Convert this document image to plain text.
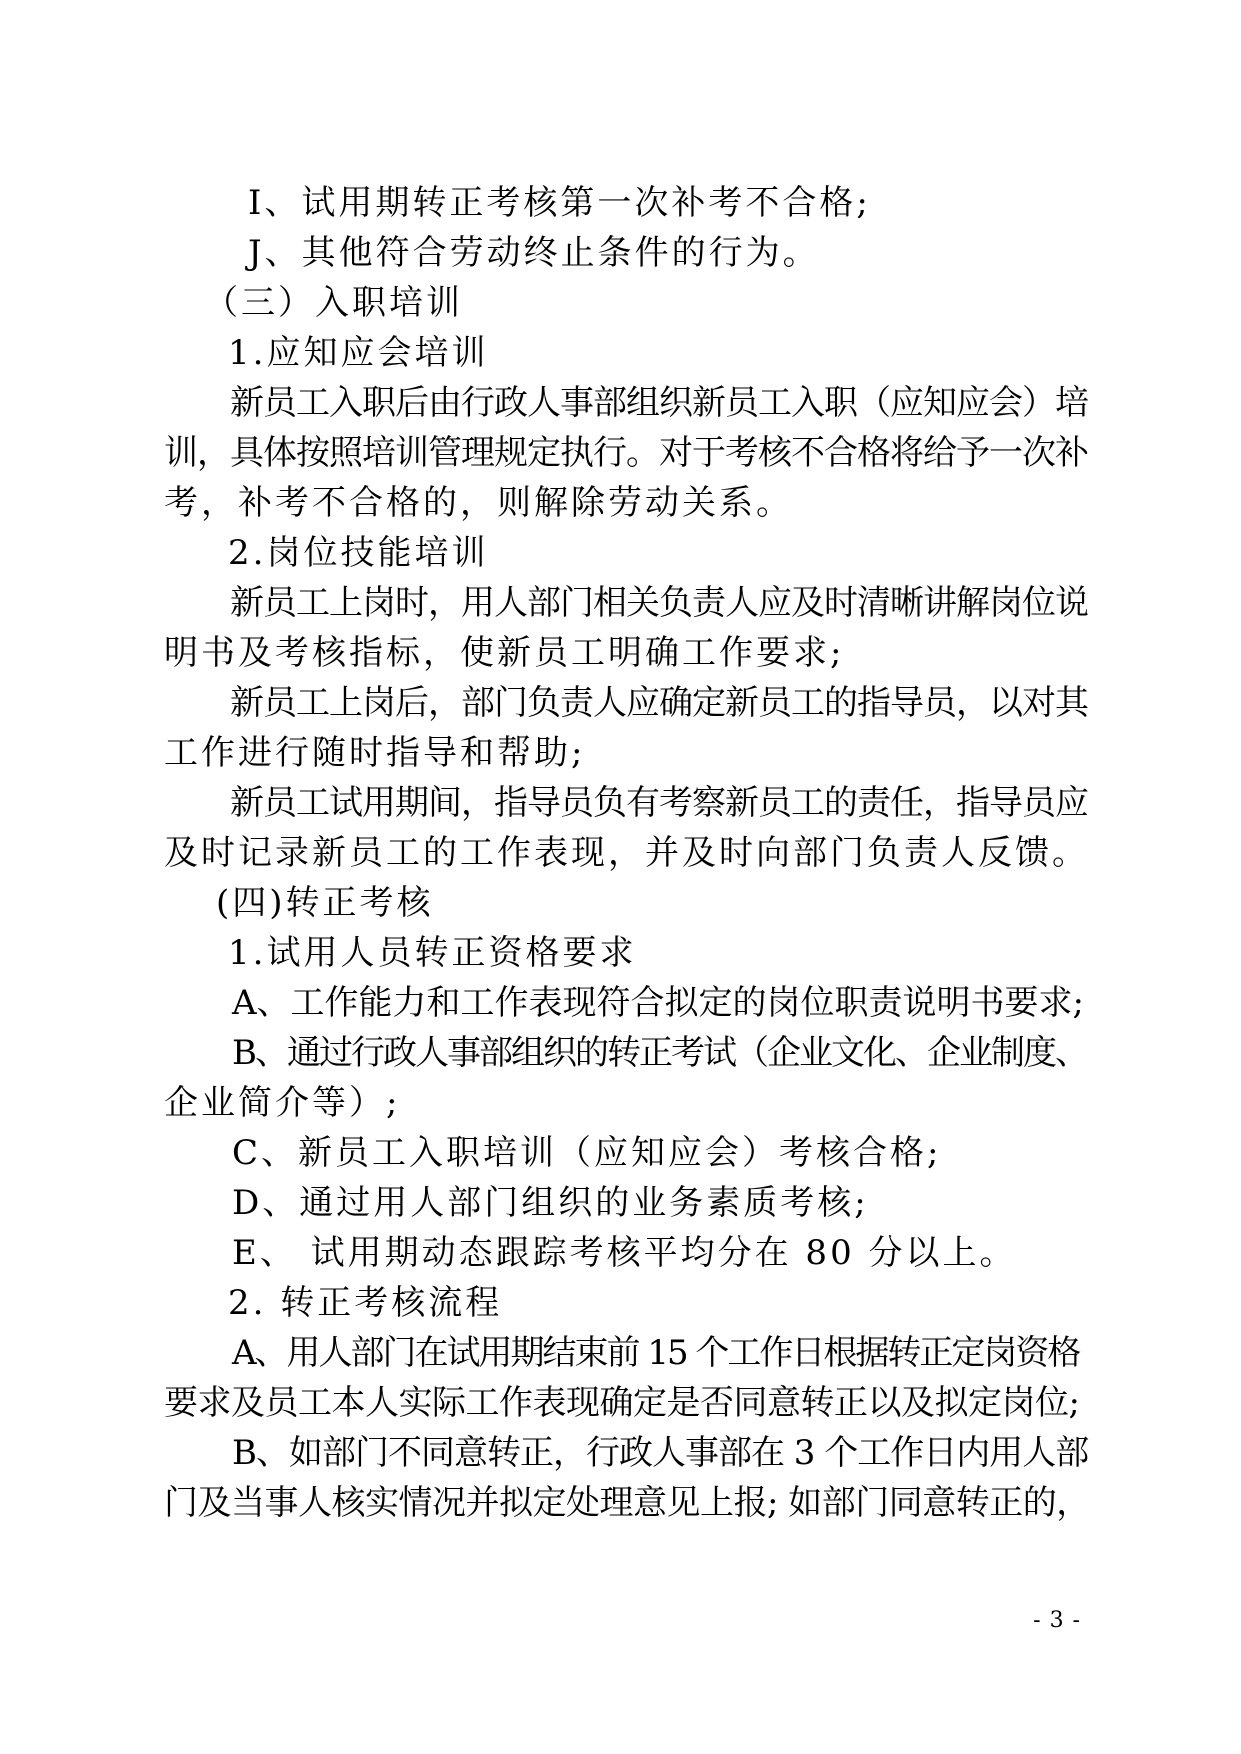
I、试用期转正考核第一次补考不合格;
J、其他符合劳动终止条件的行为。
（三）入职培训
1.应知应会培训
新员工入职后由行政人事部组织新员工入职（应知应会）培
训，具体按照培训管理规定执行。对于考核不合格将给予一次补
考，补考不合格的，则解除劳动关系。
2.岗位技能培训
新员工上岗时，用人部门相关负责人应及时清晰讲解岗位说
明书及考核指标，使新员工明确工作要求;
新员工上岗后，部门负责人应确定新员工的指导员，以对其
工作进行随时指导和帮助;
新员工试用期间，指导员负有考察新员工的责任，指导员应
及时记录新员工的工作表现，并及时向部门负责人反馈。
(四)转正考核
1.试用人员转正资格要求
A、工作能力和工作表现符合拟定的岗位职责说明书要求;
B、通过行政人事部组织的转正考试（企业文化、企业制度、
企业简介等）;
C、新员工入职培训（应知应会）考核合格;
D、通过用人部门组织的业务素质考核;
E、 试用期动态跟踪考核平均分在 80 分以上。
2. 转正考核流程
A、用人部门在试用期结束前 15 个工作日根据转正定岗资格
要求及员工本人实际工作表现确定是否同意转正以及拟定岗位;
B、如部门不同意转正，行政人事部在 3 个工作日内用人部
门及当事人核实情况并拟定处理意见上报; 如部门同意转正的，
- 3 -
